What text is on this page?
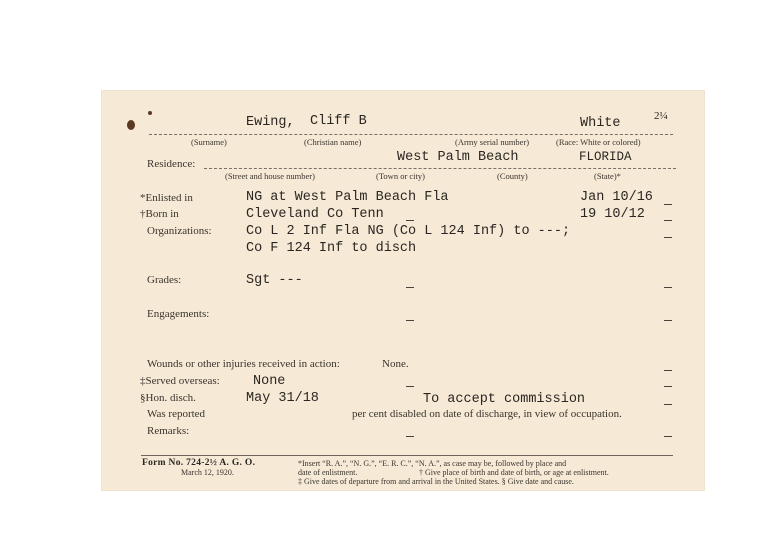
Ewing, Cliff B	White	2¼
(Surname)	(Christian name)	(Army serial number)	(Race: White or colored)
Residence:	West Palm Beach	FLORIDA
(Street and house number)	(Town or city)	(County)	(State)*
*Enlisted in	NG at West Palm Beach Fla	Jan 10/16
†Born in	Cleveland Co Tenn	19 10/12
Organizations:	Co L 2 Inf Fla NG (Co L 124 Inf) to ---;
Co F 124 Inf to disch
Grades:	Sgt ---
Engagements:
Wounds or other injuries received in action:	None.
‡Served overseas: None
§Hon. disch.	May 31/18	To accept commission
Was reported	per cent disabled on date of discharge, in view of occupation.
Remarks:
Form No. 724-2½ A. G. O.
March 12, 1920.
*Insert “R. A.”, “N. G.”, “E. R. C.”, “N. A.”, as case may be, followed by place and
date of enlistment.	† Give place of birth and date of birth, or age at enlistment.
‡ Give dates of departure from and arrival in the United States. § Give date and cause.
